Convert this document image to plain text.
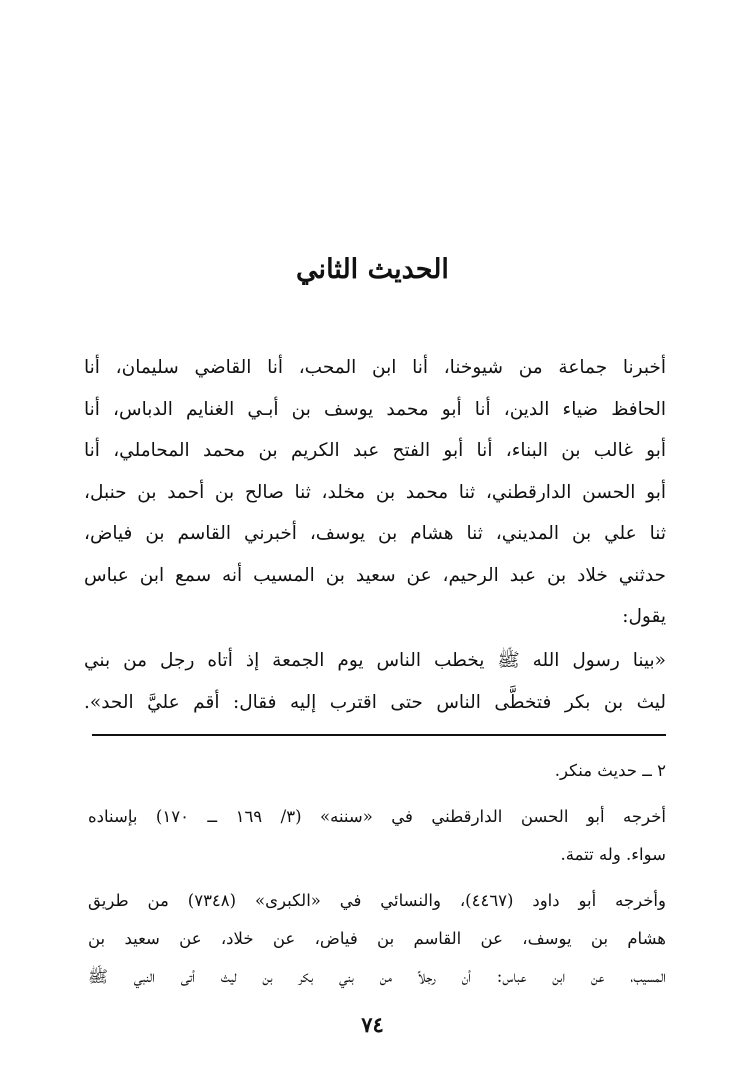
الحديث الثاني
أخبرنا جماعة من شيوخنا، أنا ابن المحب، أنا القاضي سليمان، أنا
الحافظ ضياء الدين، أنا أبو محمد يوسف بن أبـي الغنايم الدباس، أنا
أبو غالب بن البناء، أنا أبو الفتح عبد الكريم بن محمد المحاملي، أنا
أبو الحسن الدارقطني، ثنا محمد بن مخلد، ثنا صالح بن أحمد بن حنبل،
ثنا علي بن المديني، ثنا هشام بن يوسف، أخبرني القاسم بن فياض،
حدثني خلاد بن عبد الرحيم، عن سعيد بن المسيب أنه سمع ابن عباس
يقول:
«بينا رسول الله ﷺ يخطب الناس يوم الجمعة إذ أتاه رجل من بني
ليث بن بكر فتخطَّى الناس حتى اقترب إليه فقال: أقم عليَّ الحد».
٢ ــ حديث منكر.
أخرجه أبو الحسن الدارقطني في «سننه» (٣/ ١٦٩ ــ ١٧٠) بإسناده
سواء. وله تتمة.
وأخرجه أبو داود (٤٤٦٧)، والنسائي في «الكبرى» (٧٣٤٨) من طريق
هشام بن يوسف، عن القاسم بن فياض، عن خلاد، عن سعيد بن
المسيب، عن ابن عباس: أن رجلاً من بني بكر بن ليث أتى النبي ﷺ
٧٤
